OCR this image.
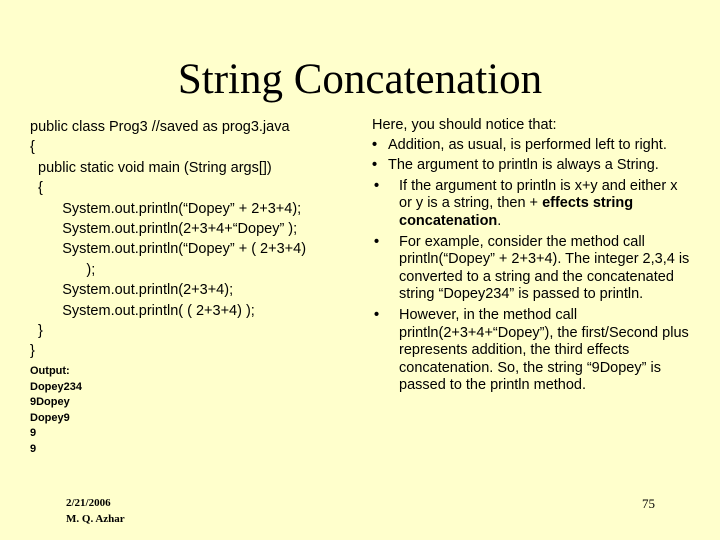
String Concatenation
public class Prog3 //saved as prog3.java
{
public static void main (String args[])
{
System.out.println(“Dopey” + 2+3+4);
System.out.println(2+3+4+“Dopey” );
System.out.println(“Dopey” + ( 2+3+4)
);
System.out.println(2+3+4);
System.out.println( ( 2+3+4) );
}
}
Output:
Dopey234
9Dopey
Dopey9
9
9
Here, you should notice that:
• Addition, as usual, is performed left to right.
• The argument to println is always a String.
• If the argument to println is x+y and either x or y is a string, then + effects string concatenation.
• For example, consider the method call println(“Dopey” + 2+3+4). The integer 2,3,4 is converted to a string and the concatenated string “Dopey234” is passed to println.
• However, in the method call println(2+3+4+“Dopey”), the first/Second plus represents addition, the third effects concatenation. So, the string “9Dopey” is passed to the println method.
2/21/2006
M. Q. Azhar
75
